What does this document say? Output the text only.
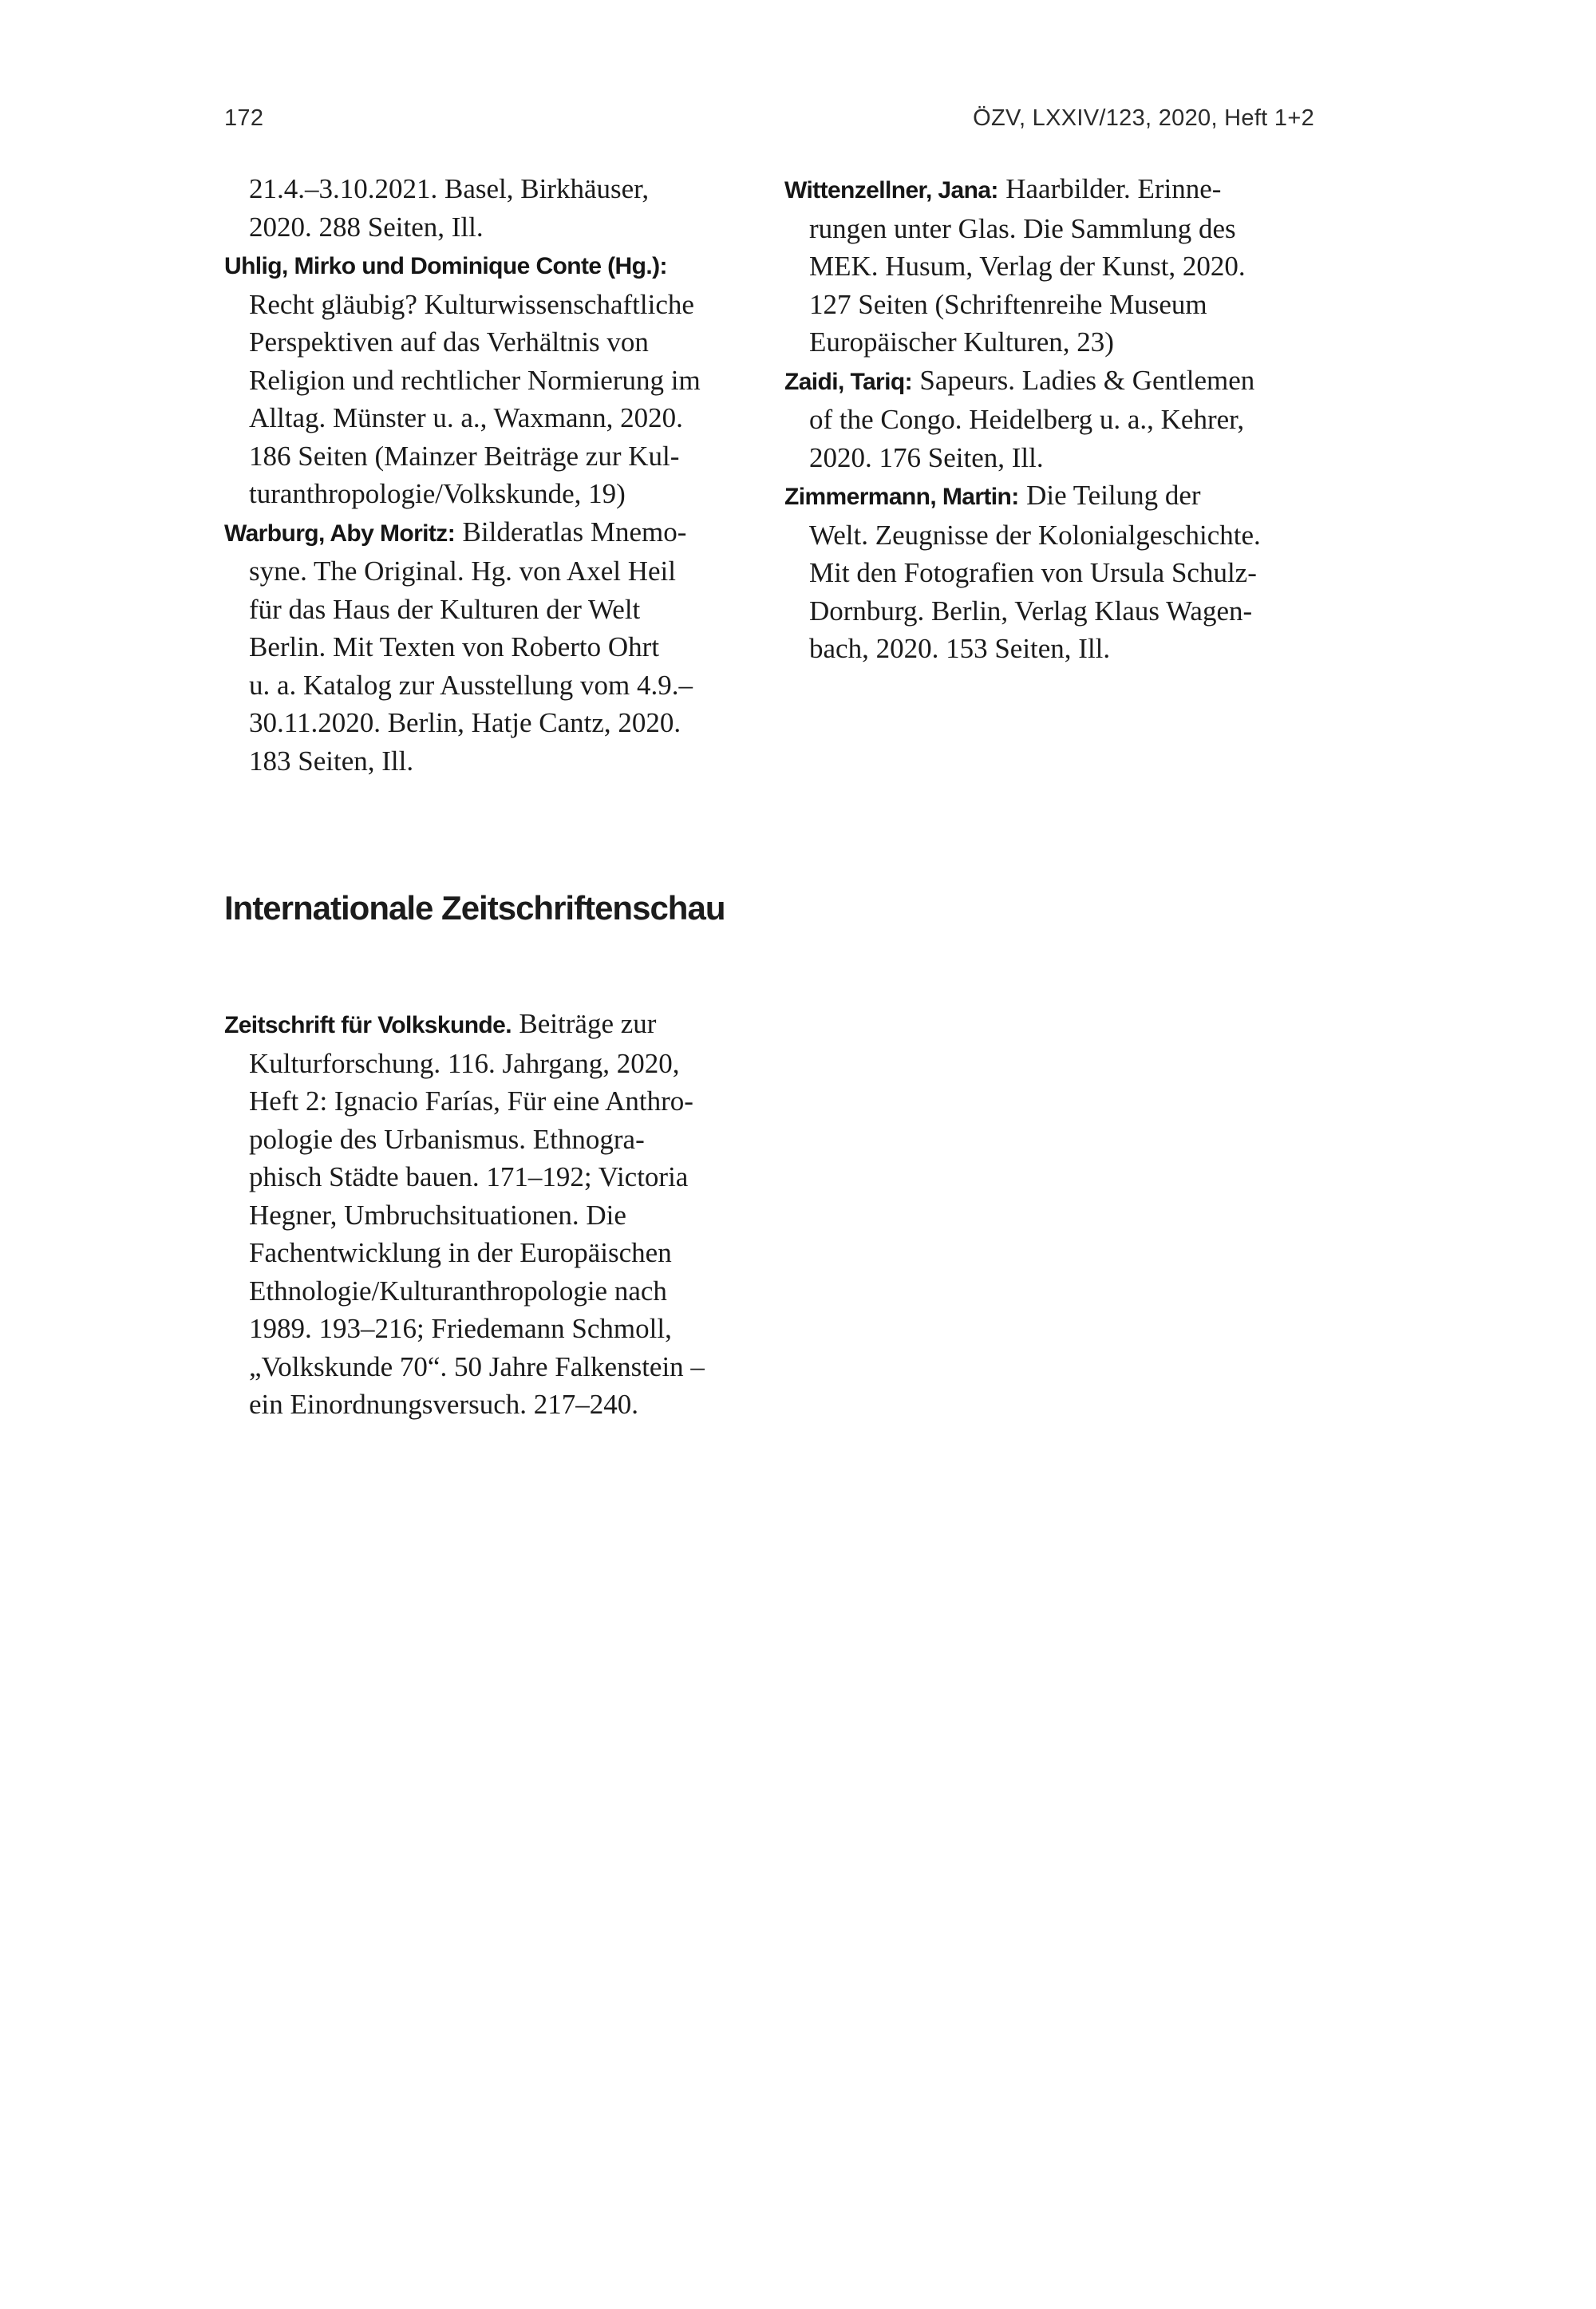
172	ÖZV, LXXIV/123, 2020, Heft 1+2

21.4.–3.10.2021. Basel, Birkhäuser,
2020. 288 Seiten, Ill.

Uhlig, Mirko und Dominique Conte (Hg.):
Recht gläubig? Kulturwissenschaftliche
Perspektiven auf das Verhältnis von
Religion und rechtlicher Normierung im
Alltag. Münster u. a., Waxmann, 2020.
186 Seiten (Mainzer Beiträge zur Kul-
turanthropologie/Volkskunde, 19)

Warburg, Aby Moritz: Bilderatlas Mnemo-
syne. The Original. Hg. von Axel Heil
für das Haus der Kulturen der Welt
Berlin. Mit Texten von Roberto Ohrt
u. a. Katalog zur Ausstellung vom 4.9.–
30.11.2020. Berlin, Hatje Cantz, 2020.
183 Seiten, Ill.

Wittenzellner, Jana: Haarbilder. Erinne-
rungen unter Glas. Die Sammlung des
MEK. Husum, Verlag der Kunst, 2020.
127 Seiten (Schriftenreihe Museum
Europäischer Kulturen, 23)

Zaidi, Tariq: Sapeurs. Ladies & Gentlemen
of the Congo. Heidelberg u. a., Kehrer,
2020. 176 Seiten, Ill.

Zimmermann, Martin: Die Teilung der
Welt. Zeugnisse der Kolonialgeschichte.
Mit den Fotografien von Ursula Schulz-
Dornburg. Berlin, Verlag Klaus Wagen-
bach, 2020. 153 Seiten, Ill.

Internationale Zeitschriftenschau

Zeitschrift für Volkskunde. Beiträge zur
Kulturforschung. 116. Jahrgang, 2020,
Heft 2: Ignacio Farías, Für eine Anthro-
pologie des Urbanismus. Ethnogra-
phisch Städte bauen. 171–192; Victoria
Hegner, Umbruchsituationen. Die
Fachentwicklung in der Europäischen
Ethnologie/Kulturanthropologie nach
1989. 193–216; Friedemann Schmoll,
„Volkskunde 70“. 50 Jahre Falkenstein –
ein Einordnungsversuch. 217–240.
